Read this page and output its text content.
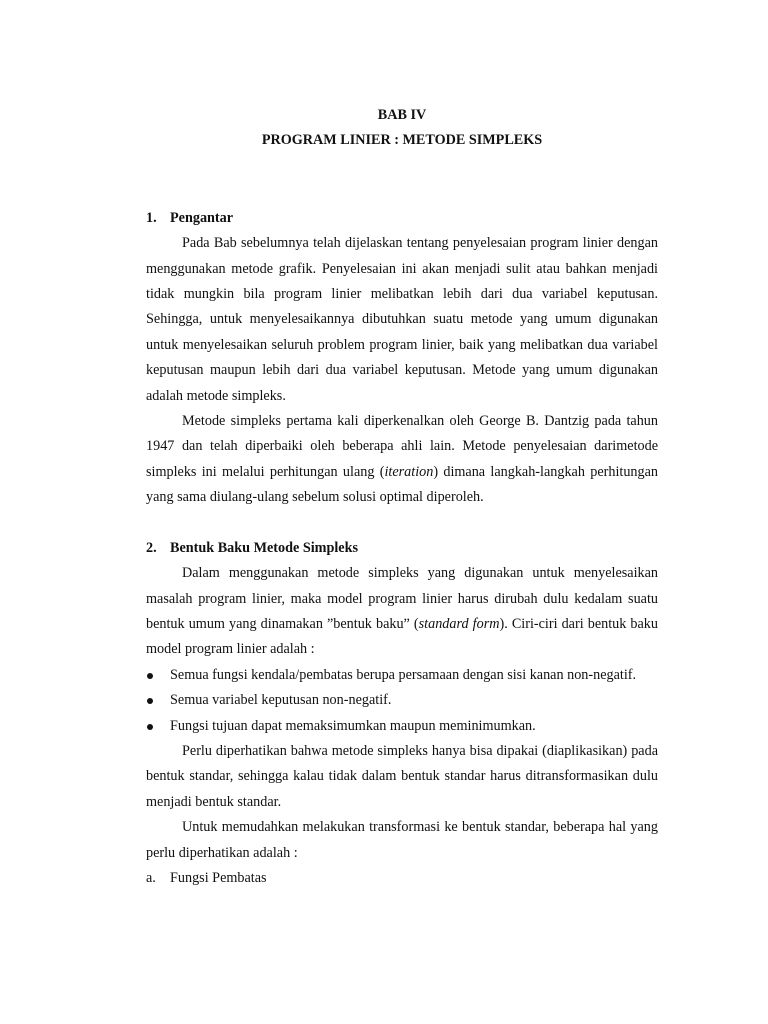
BAB IV

PROGRAM LINIER : METODE SIMPLEKS

1. Pengantar

Pada Bab sebelumnya telah dijelaskan tentang penyelesaian program linier dengan menggunakan metode grafik. Penyelesaian ini akan menjadi sulit atau bahkan menjadi tidak mungkin bila program linier melibatkan lebih dari dua variabel keputusan. Sehingga, untuk menyelesaikannya dibutuhkan suatu metode yang umum digunakan untuk menyelesaikan seluruh problem program linier, baik yang melibatkan dua variabel keputusan maupun lebih dari dua variabel keputusan. Metode yang umum digunakan adalah metode simpleks.

Metode simpleks pertama kali diperkenalkan oleh George B. Dantzig pada tahun 1947 dan telah diperbaiki oleh beberapa ahli lain. Metode penyelesaian darimetode simpleks ini melalui perhitungan ulang (iteration) dimana langkah-langkah perhitungan yang sama diulang-ulang sebelum solusi optimal diperoleh.

2. Bentuk Baku Metode Simpleks

Dalam menggunakan metode simpleks yang digunakan untuk menyelesaikan masalah program linier, maka model program linier harus dirubah dulu kedalam suatu bentuk umum yang dinamakan ”bentuk baku” (standard form). Ciri-ciri dari bentuk baku model program linier adalah :

Semua fungsi kendala/pembatas berupa persamaan dengan sisi kanan non-negatif.
Semua variabel keputusan non-negatif.
Fungsi tujuan dapat memaksimumkan maupun meminimumkan.

Perlu diperhatikan bahwa metode simpleks hanya bisa dipakai (diaplikasikan) pada bentuk standar, sehingga kalau tidak dalam bentuk standar harus ditransformasikan dulu menjadi bentuk standar.

Untuk memudahkan melakukan transformasi ke bentuk standar, beberapa hal yang perlu diperhatikan adalah :

a. Fungsi Pembatas
